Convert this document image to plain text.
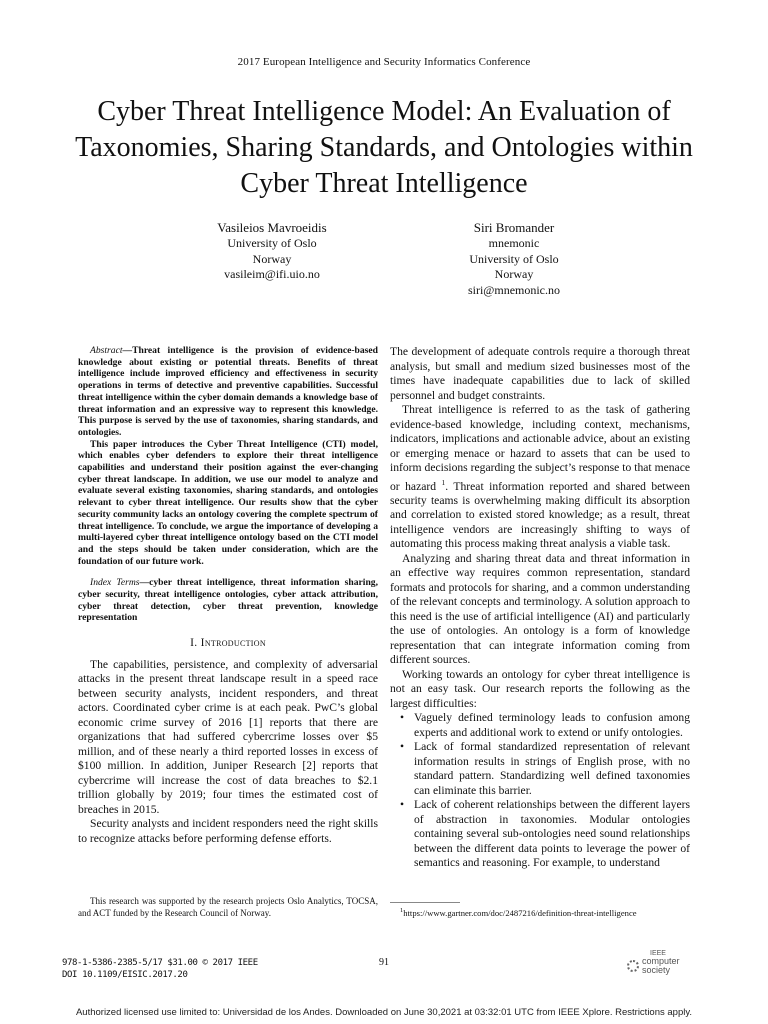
2017 European Intelligence and Security Informatics Conference
Cyber Threat Intelligence Model: An Evaluation of Taxonomies, Sharing Standards, and Ontologies within Cyber Threat Intelligence
Vasileios Mavroeidis
University of Oslo
Norway
vasileim@ifi.uio.no
Siri Bromander
mnemonic
University of Oslo
Norway
siri@mnemonic.no

Abstract—Threat intelligence is the provision of evidence-based knowledge about existing or potential threats. Benefits of threat intelligence include improved efficiency and effectiveness in security operations in terms of detective and preventive capabilities. Successful threat intelligence within the cyber domain demands a knowledge base of threat information and an expressive way to represent this knowledge. This purpose is served by the use of taxonomies, sharing standards, and ontologies.

This paper introduces the Cyber Threat Intelligence (CTI) model, which enables cyber defenders to explore their threat intelligence capabilities and understand their position against the ever-changing cyber threat landscape. In addition, we use our model to analyze and evaluate several existing taxonomies, sharing standards, and ontologies relevant to cyber threat intelligence. Our results show that the cyber security community lacks an ontology covering the complete spectrum of threat intelligence. To conclude, we argue the importance of developing a multi-layered cyber threat intelligence ontology based on the CTI model and the steps should be taken under consideration, which are the foundation of our future work.

Index Terms—cyber threat intelligence, threat information sharing, cyber security, threat intelligence ontologies, cyber attack attribution, cyber threat detection, cyber threat prevention, knowledge representation
I. Introduction

The capabilities, persistence, and complexity of adversarial attacks in the present threat landscape result in a speed race between security analysts, incident responders, and threat actors. Coordinated cyber crime is at each peak. PwC’s global economic crime survey of 2016 [1] reports that there are organizations that had suffered cybercrime losses over $5 million, and of these nearly a third reported losses in excess of $100 million. In addition, Juniper Research [2] reports that cybercrime will increase the cost of data breaches to $2.1 trillion globally by 2019; four times the estimated cost of breaches in 2015.

Security analysts and incident responders need the right skills to recognize attacks before performing defense efforts.

The development of adequate controls require a thorough threat analysis, but small and medium sized businesses most of the times have inadequate capabilities due to lack of skilled personnel and budget constraints.

Threat intelligence is referred to as the task of gathering evidence-based knowledge, including context, mechanisms, indicators, implications and actionable advice, about an existing or emerging menace or hazard to assets that can be used to inform decisions regarding the subject’s response to that menace or hazard $^1$. Threat information reported and shared between security teams is overwhelming making difficult its absorption and correlation to existed stored knowledge; as a result, threat intelligence vendors are increasingly shifting to ways of automating this process making threat analysis a viable task.

Analyzing and sharing threat data and threat information in an effective way requires common representation, standard formats and protocols for sharing, and a common understanding of the relevant concepts and terminology. A solution approach to this need is the use of artificial intelligence (AI) and particularly the use of ontologies. An ontology is a form of knowledge representation that can integrate information coming from different sources.

Working towards an ontology for cyber threat intelligence is not an easy task. Our research reports the following as the largest difficulties:

• Vaguely defined terminology leads to confusion among experts and additional work to extend or unify ontologies.
• Lack of formal standardized representation of relevant information results in strings of English prose, with no standard pattern. Standardizing well defined taxonomies can eliminate this barrier.
• Lack of coherent relationships between the different layers of abstraction in taxonomies. Modular ontologies containing several sub-ontologies need sound relationships between the different data points to leverage the power of semantics and reasoning. For example, to understand
This research was supported by the research projects Oslo Analytics, TOCSA, and ACT funded by the Research Council of Norway.	$^1$https://www.gartner.com/doc/2487216/definition-threat-intelligence
978-1-5386-2385-5/17 $31.00 © 2017 IEEE
DOI 10.1109/EISIC.2017.20
91
IEEE
computer
society
Authorized licensed use limited to: Universidad de los Andes. Downloaded on June 30,2021 at 03:32:01 UTC from IEEE Xplore. Restrictions apply.
